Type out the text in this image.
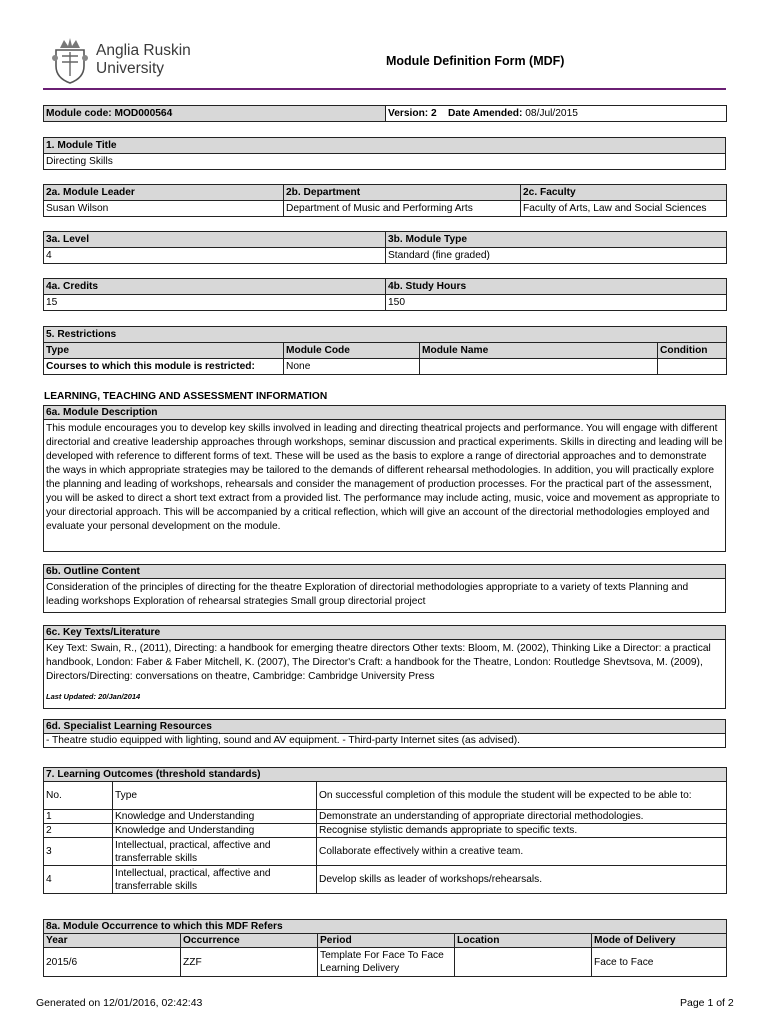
Anglia Ruskin
University	Module Definition Form (MDF)
Module code: MOD000564	Version: 2 Date Amended: 08/Jul/2015
1. Module Title
Directing Skills
2a. Module Leader	2b. Department	2c. Faculty
Susan Wilson	Department of Music and Performing Arts	Faculty of Arts, Law and Social Sciences
3a. Level	3b. Module Type
4	Standard (fine graded)
4a. Credits	4b. Study Hours
15	150
5. Restrictions			
Type	Module Code	Module Name	Condition
Courses to which this module is restricted:	None		
LEARNING, TEACHING AND ASSESSMENT INFORMATION
6a. Module Description
This module encourages you to develop key skills involved in leading and directing theatrical projects and performance. You will engage with different directorial and creative leadership approaches through workshops, seminar discussion and practical experiments. Skills in directing and leading will be developed with reference to different forms of text. These will be used as the basis to explore a range of directorial approaches and to demonstrate the ways in which appropriate strategies may be tailored to the demands of different rehearsal methodologies. In addition, you will practically explore the planning and leading of workshops, rehearsals and consider the management of production processes. For the practical part of the assessment, you will be asked to direct a short text extract from a provided list. The performance may include acting, music, voice and movement as appropriate to your directorial approach. This will be accompanied by a critical reflection, which will give an account of the directorial methodologies employed and evaluate your personal development on the module.
6b. Outline Content
Consideration of the principles of directing for the theatre Exploration of directorial methodologies appropriate to a variety of texts Planning and leading workshops Exploration of rehearsal strategies Small group directorial project
6c. Key Texts/Literature
Key Text: Swain, R., (2011), Directing: a handbook for emerging theatre directors Other texts: Bloom, M. (2002), Thinking Like a Director: a practical handbook, London: Faber & Faber Mitchell, K. (2007), The Director's Craft: a handbook for the Theatre, London: Routledge Shevtsova, M. (2009), Directors/Directing: conversations on theatre, Cambridge: Cambridge University Press
Last Updated: 20/Jan/2014
6d. Specialist Learning Resources
- Theatre studio equipped with lighting, sound and AV equipment. - Third-party Internet sites (as advised).
7. Learning Outcomes (threshold standards)		
No.	Type	On successful completion of this module the student will be expected to be able to:
1	Knowledge and Understanding	Demonstrate an understanding of appropriate directorial methodologies.
2	Knowledge and Understanding	Recognise stylistic demands appropriate to specific texts.
3	Intellectual, practical, affective and transferrable skills	Collaborate effectively within a creative team.
4	Intellectual, practical, affective and transferrable skills	Develop skills as leader of workshops/rehearsals.
8a. Module Occurrence to which this MDF Refers				
Year	Occurrence	Period	Location	Mode of Delivery
2015/6	ZZF	Template For Face To Face Learning Delivery		Face to Face
Generated on 12/01/2016, 02:42:43	Page 1 of 2
